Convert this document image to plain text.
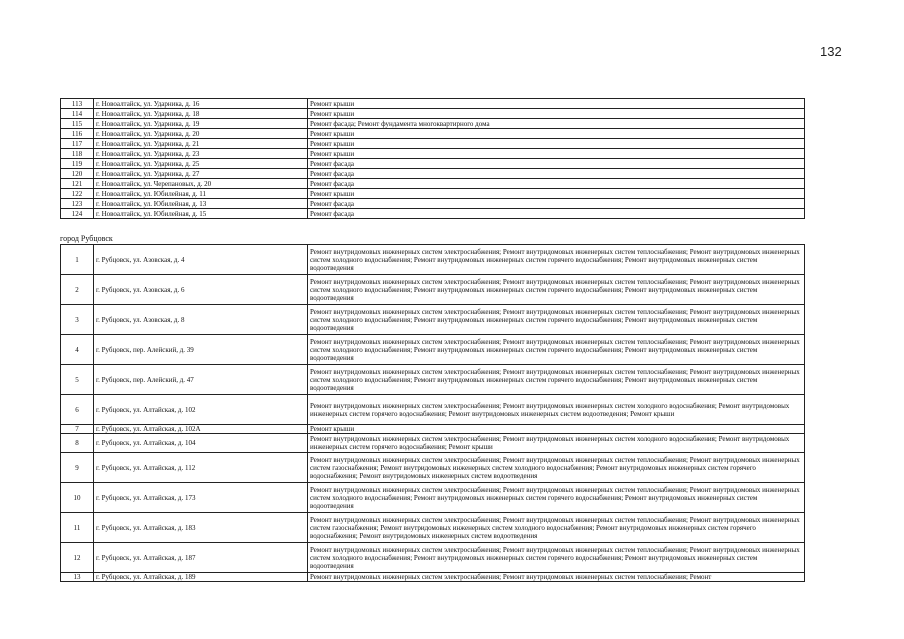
132
113	г. Новоалтайск, ул. Ударника, д. 16	Ремонт крыши
114	г. Новоалтайск, ул. Ударника, д. 18	Ремонт крыши
115	г. Новоалтайск, ул. Ударника, д. 19	Ремонт фасада; Ремонт фундамента многоквартирного дома
116	г. Новоалтайск, ул. Ударника, д. 20	Ремонт крыши
117	г. Новоалтайск, ул. Ударника, д. 21	Ремонт крыши
118	г. Новоалтайск, ул. Ударника, д. 23	Ремонт крыши
119	г. Новоалтайск, ул. Ударника, д. 25	Ремонт фасада
120	г. Новоалтайск, ул. Ударника, д. 27	Ремонт фасада
121	г. Новоалтайск, ул. Черепановых, д. 20	Ремонт фасада
122	г. Новоалтайск, ул. Юбилейная, д. 11	Ремонт крыши
123	г. Новоалтайск, ул. Юбилейная, д. 13	Ремонт фасада
124	г. Новоалтайск, ул. Юбилейная, д. 15	Ремонт фасада
город Рубцовск
1	г. Рубцовск, ул. Азовская, д. 4	Ремонт внутридомовых инженерных систем электроснабжения; Ремонт внутридомовых инженерных систем теплоснабжения; Ремонт внутридомовых инженерных систем холодного водоснабжения; Ремонт внутридомовых инженерных систем горячего водоснабжения; Ремонт внутридомовых инженерных систем водоотведения
2	г. Рубцовск, ул. Азовская, д. 6	Ремонт внутридомовых инженерных систем электроснабжения; Ремонт внутридомовых инженерных систем теплоснабжения; Ремонт внутридомовых инженерных систем холодного водоснабжения; Ремонт внутридомовых инженерных систем горячего водоснабжения; Ремонт внутридомовых инженерных систем водоотведения
3	г. Рубцовск, ул. Азовская, д. 8	Ремонт внутридомовых инженерных систем электроснабжения; Ремонт внутридомовых инженерных систем теплоснабжения; Ремонт внутридомовых инженерных систем холодного водоснабжения; Ремонт внутридомовых инженерных систем горячего водоснабжения; Ремонт внутридомовых инженерных систем водоотведения
4	г. Рубцовск, пер. Алейский, д. 39	Ремонт внутридомовых инженерных систем электроснабжения; Ремонт внутридомовых инженерных систем теплоснабжения; Ремонт внутридомовых инженерных систем холодного водоснабжения; Ремонт внутридомовых инженерных систем горячего водоснабжения; Ремонт внутридомовых инженерных систем водоотведения
5	г. Рубцовск, пер. Алейский, д. 47	Ремонт внутридомовых инженерных систем электроснабжения; Ремонт внутридомовых инженерных систем теплоснабжения; Ремонт внутридомовых инженерных систем холодного водоснабжения; Ремонт внутридомовых инженерных систем горячего водоснабжения; Ремонт внутридомовых инженерных систем водоотведения
6	г. Рубцовск, ул. Алтайская, д. 102	Ремонт внутридомовых инженерных систем электроснабжения; Ремонт внутридомовых инженерных систем холодного водоснабжения; Ремонт внутридомовых инженерных систем горячего водоснабжения; Ремонт внутридомовых инженерных систем водоотведения; Ремонт крыши
7	г. Рубцовск, ул. Алтайская, д. 102А	Ремонт крыши
8	г. Рубцовск, ул. Алтайская, д. 104	Ремонт внутридомовых инженерных систем электроснабжения; Ремонт внутридомовых инженерных систем холодного водоснабжения; Ремонт внутридомовых инженерных систем горячего водоснабжения; Ремонт крыши
9	г. Рубцовск, ул. Алтайская, д. 112	Ремонт внутридомовых инженерных систем электроснабжения; Ремонт внутридомовых инженерных систем теплоснабжения; Ремонт внутридомовых инженерных систем газоснабжения; Ремонт внутридомовых инженерных систем холодного водоснабжения; Ремонт внутридомовых инженерных систем горячего водоснабжения; Ремонт внутридомовых инженерных систем водоотведения
10	г. Рубцовск, ул. Алтайская, д. 173	Ремонт внутридомовых инженерных систем электроснабжения; Ремонт внутридомовых инженерных систем теплоснабжения; Ремонт внутридомовых инженерных систем холодного водоснабжения; Ремонт внутридомовых инженерных систем горячего водоснабжения; Ремонт внутридомовых инженерных систем водоотведения
11	г. Рубцовск, ул. Алтайская, д. 183	Ремонт внутридомовых инженерных систем электроснабжения; Ремонт внутридомовых инженерных систем теплоснабжения; Ремонт внутридомовых инженерных систем газоснабжения; Ремонт внутридомовых инженерных систем холодного водоснабжения; Ремонт внутридомовых инженерных систем горячего водоснабжения; Ремонт внутридомовых инженерных систем водоотведения
12	г. Рубцовск, ул. Алтайская, д. 187	Ремонт внутридомовых инженерных систем электроснабжения; Ремонт внутридомовых инженерных систем теплоснабжения; Ремонт внутридомовых инженерных систем холодного водоснабжения; Ремонт внутридомовых инженерных систем горячего водоснабжения; Ремонт внутридомовых инженерных систем водоотведения
13	г. Рубцовск, ул. Алтайская, д. 189	Ремонт внутридомовых инженерных систем электроснабжения; Ремонт внутридомовых инженерных систем теплоснабжения; Ремонт
